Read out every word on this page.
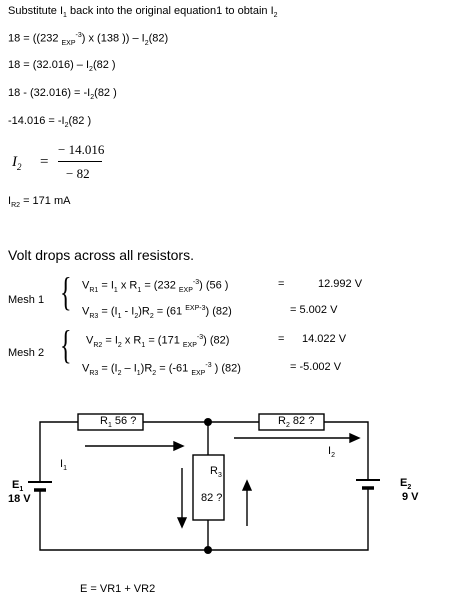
Substitute $I_1$ back into the original equation1 to obtain $I_2$
18 = ((232 $_{EXP}^{-3}$) x (138 )) – $I_2(82)$
$18 = (32.016) - I_2(82$ )
$18 - (32.016) = -I_2(82$ )
$-14.016 = -I_2(82$ )
$I_2$ =
− 14.016
− 82
$I_{R2} = 171$ mA
Volt drops across all resistors.
Mesh 1 { $V_{R1} = I_1$ x $R_1 = (232$ $_{EXP}^{-3}$) (56 )	=	12.992 V
$V_{R3} = (I_1 - I_2)R_2 = (61$ $^{EXP-3}$) (82)	= 5.002 V
Mesh 2 { $V_{R2} = I_2$ x $R_1 = (171$ $_{EXP}^{-3}$) (82)	= 14.022 V
$V_{R3} = (I_2 - I_1)R_2 = (-61$ $_{EXP}^{-3}$ ) (82)	= -5.002 V
$R_1$ 56 ?	$R_2$ 82 ?
$R_3$
82 ?
$I_1$
$I_2$
$E_1$
18 V
$E_2$
9 V
E = VR1 + VR2
